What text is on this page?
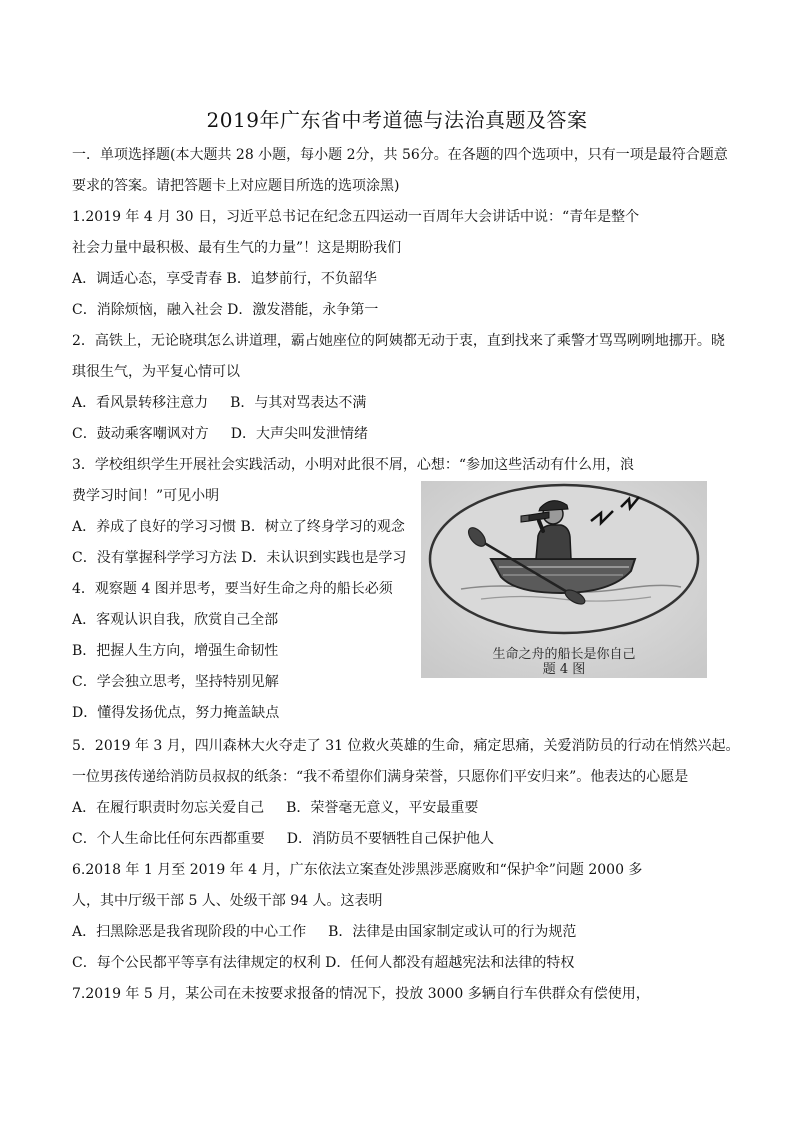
2019年广东省中考道德与法治真题及答案
一．单项选择题(本大题共 28 小题，每小题 2分，共 56分。在各题的四个选项中，只有一项是最符合题意
要求的答案。请把答题卡上对应题目所选的选项涂黑)
1.2019 年 4 月 30 日，习近平总书记在纪念五四运动一百周年大会讲话中说：“青年是整个
社会力量中最积极、最有生气的力量”！这是期盼我们
A．调适心态，享受青春 B．追梦前行，不负韶华
C．消除烦恼，融入社会 D．激发潜能，永争第一
2．高铁上，无论晓琪怎么讲道理，霸占她座位的阿姨都无动于衷，直到找来了乘警才骂骂咧咧地挪开。晓
琪很生气，为平复心情可以
A．看风景转移注意力 B．与其对骂表达不满
C．鼓动乘客嘲讽对方 D．大声尖叫发泄情绪
3．学校组织学生开展社会实践活动，小明对此很不屑，心想：“参加这些活动有什么用，浪
费学习时间！”可见小明
A．养成了良好的学习习惯 B．树立了终身学习的观念
C．没有掌握科学学习方法 D．未认识到实践也是学习
4．观察题 4 图并思考，要当好生命之舟的船长必须
A．客观认识自我，欣赏自己全部
B．把握人生方向，增强生命韧性
C．学会独立思考，坚持特别见解
D．懂得发扬优点，努力掩盖缺点
5．2019 年 3 月，四川森林大火夺走了 31 位救火英雄的生命，痛定思痛，关爱消防员的行动在悄然兴起。
一位男孩传递给消防员叔叔的纸条：“我不希望你们满身荣誉，只愿你们平安归来”。他表达的心愿是
A．在履行职责时勿忘关爱自己 B．荣誉毫无意义，平安最重要
C．个人生命比任何东西都重要 D．消防员不要牺牲自己保护他人
6.2018 年 1 月至 2019 年 4 月，广东依法立案查处涉黑涉恶腐败和“保护伞”问题 2000 多
人，其中厅级干部 5 人、处级干部 94 人。这表明
A．扫黑除恶是我省现阶段的中心工作 B．法律是由国家制定或认可的行为规范
C．每个公民都平等享有法律规定的权利 D．任何人都没有超越宪法和法律的特权
7.2019 年 5 月，某公司在未按要求报备的情况下，投放 3000 多辆自行车供群众有偿使用，
生命之舟的船长是你自己
题 4 图
